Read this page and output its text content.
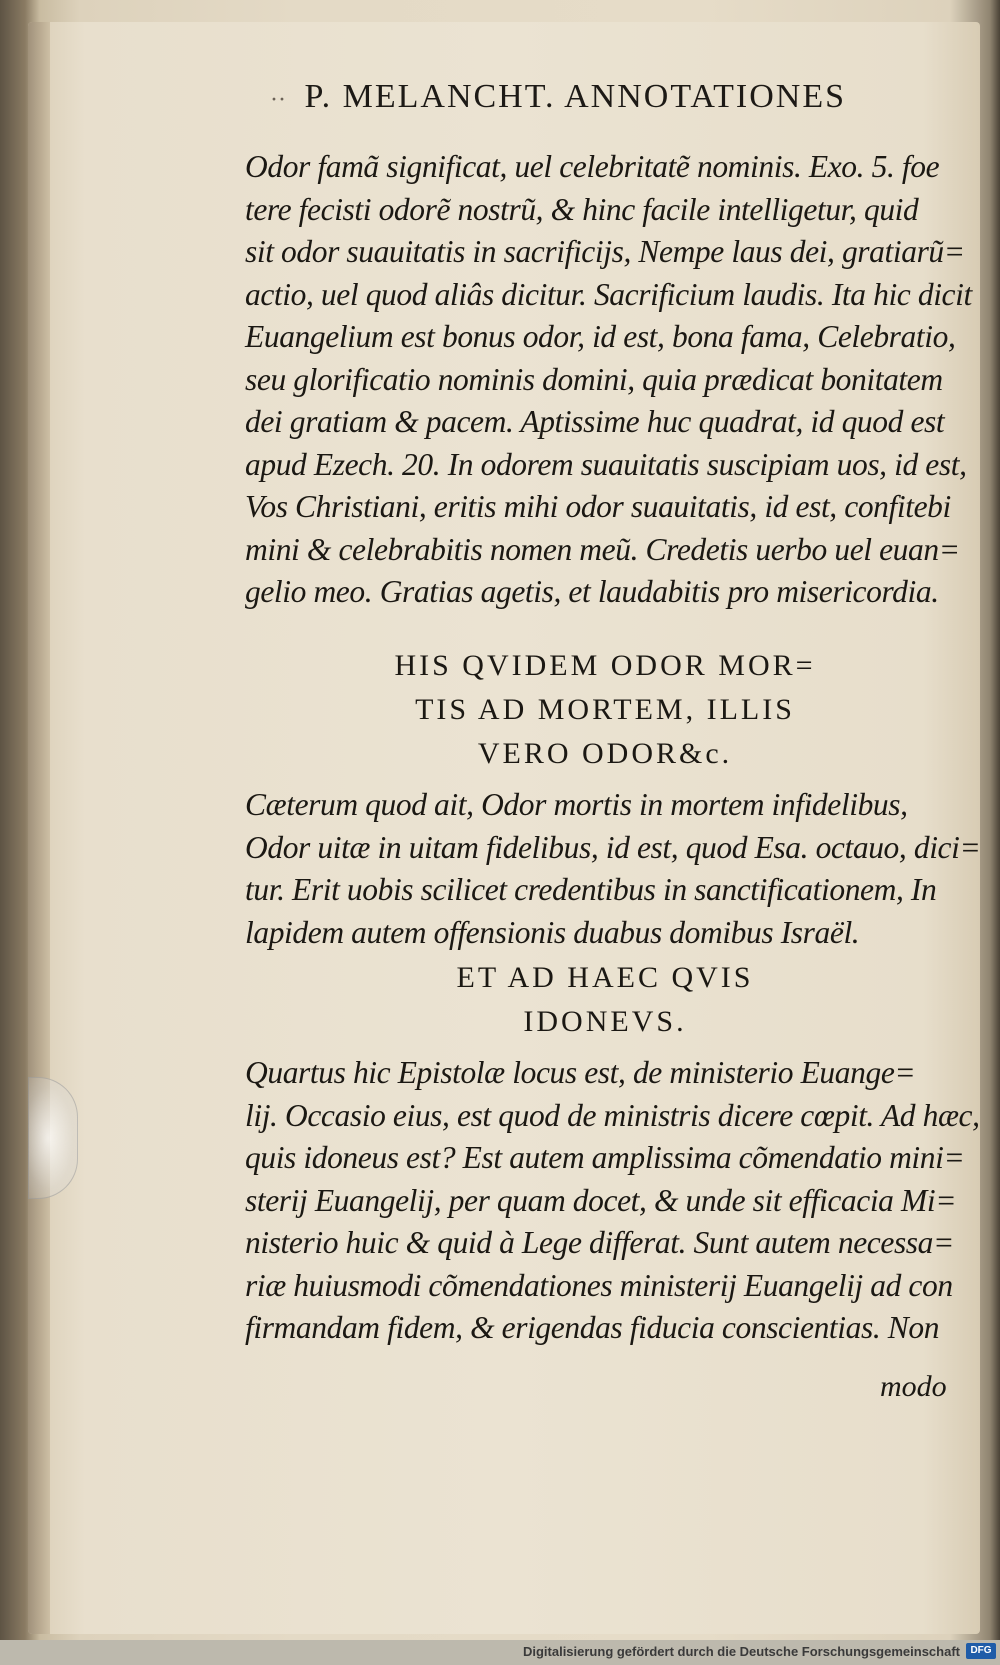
·· P. MELANCHT. ANNOTATIONES
Odor famã significat, uel celebritatẽ nominis. Exo. 5. foe
tere fecisti odorẽ nostrũ, & hinc facile intelligetur, quid
sit odor suauitatis in sacrificijs, Nempe laus dei, gratiarũ=
actio, uel quod aliâs dicitur. Sacrificium laudis. Ita hic dicit
Euangelium est bonus odor, id est, bona fama, Celebratio,
seu glorificatio nominis domini, quia prædicat bonitatem
dei gratiam & pacem. Aptissime huc quadrat, id quod est
apud Ezech. 20. In odorem suauitatis suscipiam uos, id est,
Vos Christiani, eritis mihi odor suauitatis, id est, confitebi
mini & celebrabitis nomen meũ. Credetis uerbo uel euan=
gelio meo. Gratias agetis, et laudabitis pro misericordia.
HIS QVIDEM ODOR MOR=
TIS AD MORTEM, ILLIS
VERO ODOR&c.
Cæterum quod ait, Odor mortis in mortem infidelibus,
Odor uitæ in uitam fidelibus, id est, quod Esa. octauo, dici=
tur. Erit uobis scilicet credentibus in sanctificationem, In
lapidem autem offensionis duabus domibus Israël.
ET AD HAEC QVIS
IDONEVS.
Quartus hic Epistolæ locus est, de ministerio Euange=
lij. Occasio eius, est quod de ministris dicere cœpit. Ad hæc,
quis idoneus est? Est autem amplissima cõmendatio mini=
sterij Euangelij, per quam docet, & unde sit efficacia Mi=
nisterio huic & quid à Lege differat. Sunt autem necessa=
riæ huiusmodi cõmendationes ministerij Euangelij ad con
firmandam fidem, & erigendas fiducia conscientias. Non
modo
Digitalisierung gefördert durch die Deutsche Forschungsgemeinschaft	DFG
